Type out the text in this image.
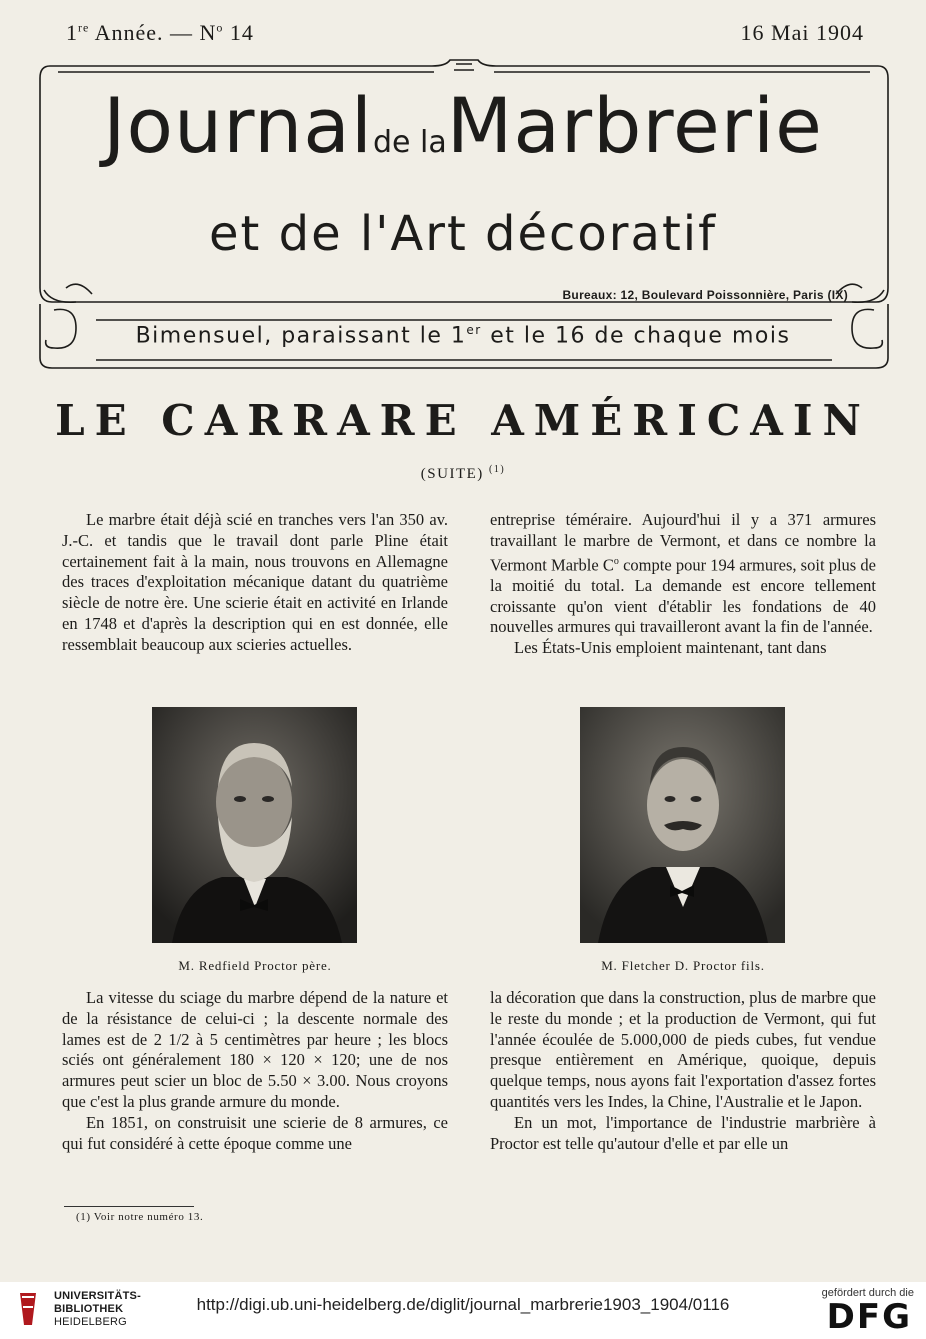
1re Année. — $N^o$ 14	16 Mai 1904
Journalde laMarbrerie
et de l'Art décoratif
Bureaux: 12, Boulevard Poissonnière, Paris (IX)
Bimensuel, paraissant le 1er et le 16 de chaque mois
LE CARRARE AMÉRICAIN
(SUITE) $^{(1)}$

Le marbre était déjà scié en tranches vers l'an 350 av. J.-C. et tandis que le travail dont parle Pline était certainement fait à la main, nous trouvons en Allemagne des traces d'exploitation mécanique datant du quatrième siècle de notre ère. Une scierie était en activité en Irlande en 1748 et d'après la description qui en est donnée, elle ressemblait beaucoup aux scieries actuelles.

entreprise téméraire. Aujourd'hui il y a 371 armures travaillant le marbre de Vermont, et dans ce nombre la Vermont Marble $C^o$ compte pour 194 armures, soit plus de la moitié du total. La demande est encore tellement croissante qu'on vient d'établir les fondations de 40 nouvelles armures qui travailleront avant la fin de l'année.

Les États-Unis emploient maintenant, tant dans

M. Redfield Proctor père.	M. Fletcher D. Proctor fils.

La vitesse du sciage du marbre dépend de la nature et de la résistance de celui-ci ; la descente normale des lames est de 2 1/2 à 5 centimètres par heure ; les blocs sciés ont généralement 180 × 120 × 120; une de nos armures peut scier un bloc de 5.50 × 3.00. Nous croyons que c'est la plus grande armure du monde.

En 1851, on construisit une scierie de 8 armures, ce qui fut considéré à cette époque comme une

la décoration que dans la construction, plus de marbre que le reste du monde ; et la production de Vermont, qui fut l'année écoulée de 5.000,000 de pieds cubes, fut vendue presque entièrement en Amérique, quoique, depuis quelque temps, nous ayons fait l'exportation d'assez fortes quantités vers les Indes, la Chine, l'Australie et le Japon.

En un mot, l'importance de l'industrie marbrière à Proctor est telle qu'autour d'elle et par elle un

(1) Voir notre numéro 13.
UNIVERSITÄTS-
BIBLIOTHEK
HEIDELBERG
http://digi.ub.uni-heidelberg.de/diglit/journal_marbrerie1903_1904/0116
gefördert durch die
DFG
